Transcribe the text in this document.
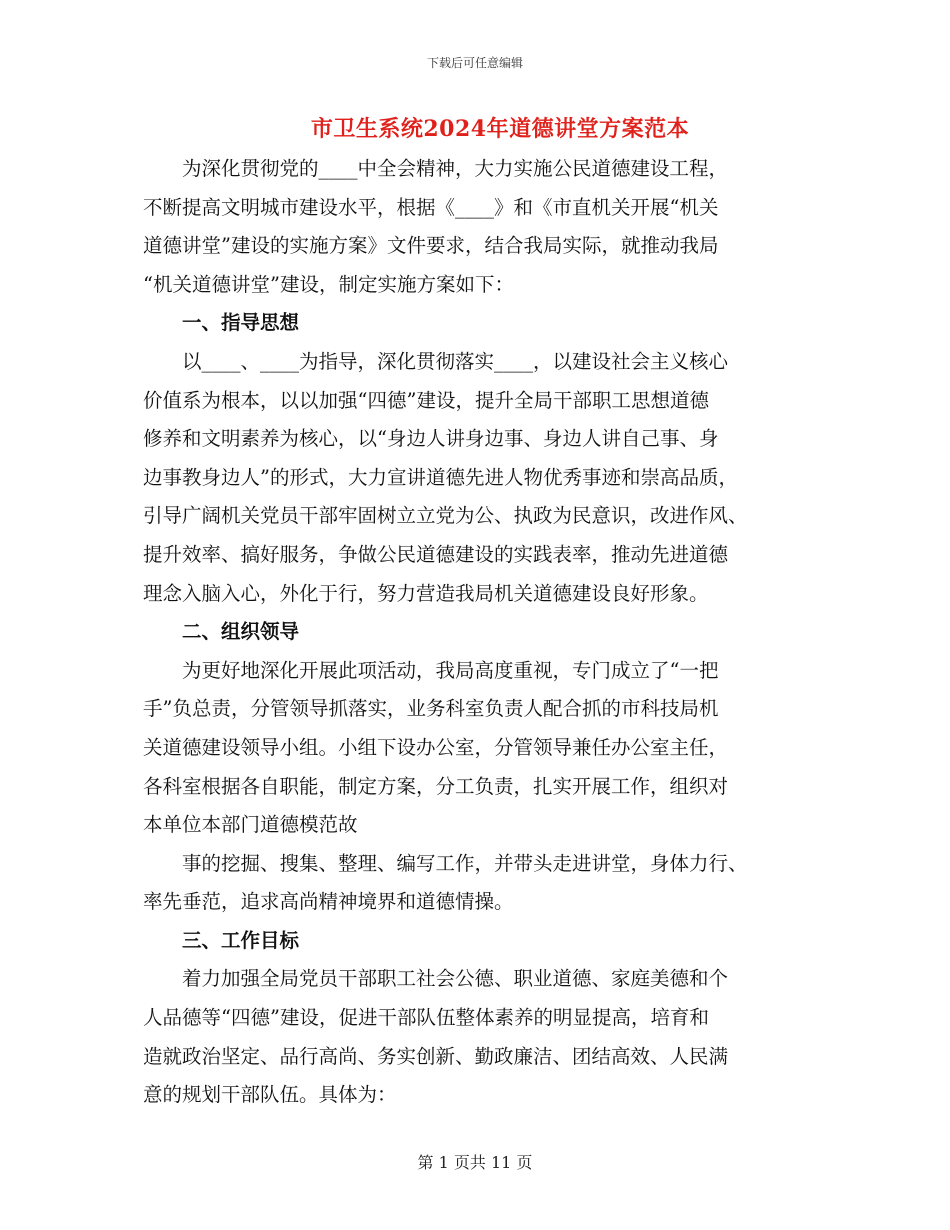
下载后可任意编辑
市卫生系统2024年道德讲堂方案范本
为深化贯彻党的____中全会精神，大力实施公民道德建设工程，
不断提高文明城市建设水平，根据《____》和《市直机关开展“机关
道德讲堂”建设的实施方案》文件要求，结合我局实际，就推动我局
“机关道德讲堂”建设，制定实施方案如下：
一、指导思想
以____、____为指导，深化贯彻落实____，以建设社会主义核心
价值系为根本，以以加强“四德”建设，提升全局干部职工思想道德
修养和文明素养为核心，以“身边人讲身边事、身边人讲自己事、身
边事教身边人”的形式，大力宣讲道德先进人物优秀事迹和崇高品质，
引导广阔机关党员干部牢固树立立党为公、执政为民意识，改进作风、
提升效率、搞好服务，争做公民道德建设的实践表率，推动先进道德
理念入脑入心，外化于行，努力营造我局机关道德建设良好形象。
二、组织领导
为更好地深化开展此项活动，我局高度重视，专门成立了“一把
手”负总责，分管领导抓落实，业务科室负责人配合抓的市科技局机
关道德建设领导小组。小组下设办公室，分管领导兼任办公室主任，
各科室根据各自职能，制定方案，分工负责，扎实开展工作，组织对
本单位本部门道德模范故
事的挖掘、搜集、整理、编写工作，并带头走进讲堂，身体力行、
率先垂范，追求高尚精神境界和道德情操。
三、工作目标
着力加强全局党员干部职工社会公德、职业道德、家庭美德和个
人品德等“四德”建设，促进干部队伍整体素养的明显提高，培育和
造就政治坚定、品行高尚、务实创新、勤政廉洁、团结高效、人民满
意的规划干部队伍。具体为：
第 1 页共 11 页
